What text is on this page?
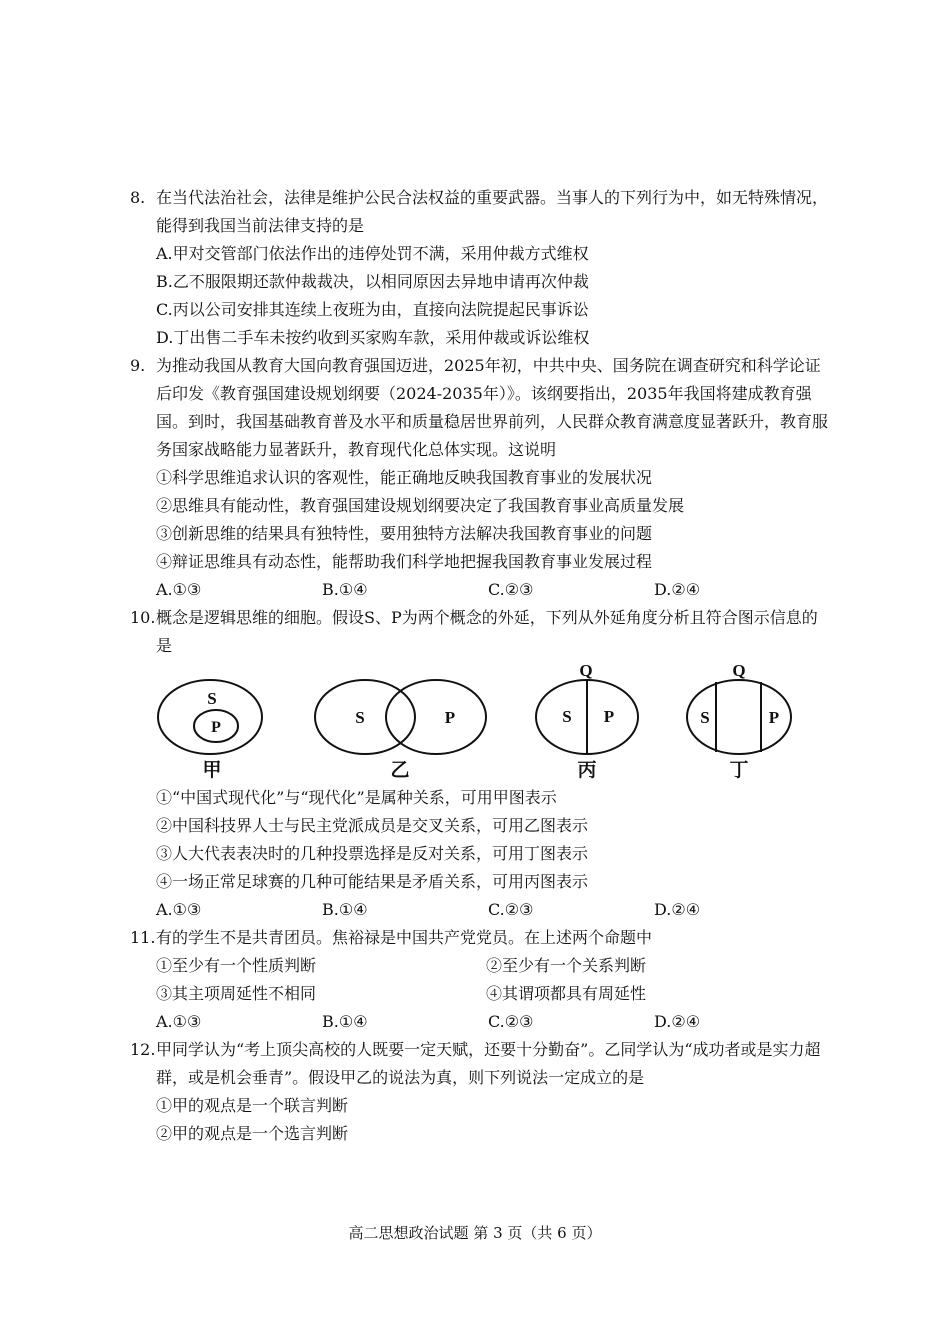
8. 在当代法治社会，法律是维护公民合法权益的重要武器。当事人的下列行为中，如无特殊情况，能得到我国当前法律支持的是
A.甲对交管部门依法作出的违停处罚不满，采用仲裁方式维权
B.乙不服限期还款仲裁裁决，以相同原因去异地申请再次仲裁
C.丙以公司安排其连续上夜班为由，直接向法院提起民事诉讼
D.丁出售二手车未按约收到买家购车款，采用仲裁或诉讼维权
9. 为推动我国从教育大国向教育强国迈进，2025年初，中共中央、国务院在调查研究和科学论证后印发《教育强国建设规划纲要（2024-2035年）》。该纲要指出，2035年我国将建成教育强国。到时，我国基础教育普及水平和质量稳居世界前列，人民群众教育满意度显著跃升，教育服务国家战略能力显著跃升，教育现代化总体实现。这说明
①科学思维追求认识的客观性，能正确地反映我国教育事业的发展状况
②思维具有能动性，教育强国建设规划纲要决定了我国教育事业高质量发展
③创新思维的结果具有独特性，要用独特方法解决我国教育事业的问题
④辩证思维具有动态性，能帮助我们科学地把握我国教育事业发展过程
A.①③	B.①④	C.②③	D.②④
10.概念是逻辑思维的细胞。假设S、P为两个概念的外延，下列从外延角度分析且符合图示信息的是
S
P
甲
S	P
乙
Q
S P
丙
Q
S	P
丁
①“中国式现代化”与“现代化”是属种关系，可用甲图表示
②中国科技界人士与民主党派成员是交叉关系，可用乙图表示
③人大代表表决时的几种投票选择是反对关系，可用丁图表示
④一场正常足球赛的几种可能结果是矛盾关系，可用丙图表示
A.①③	B.①④	C.②③	D.②④
11.有的学生不是共青团员。焦裕禄是中国共产党党员。在上述两个命题中
①至少有一个性质判断	②至少有一个关系判断
③其主项周延性不相同	④其谓项都具有周延性
A.①③	B.①④	C.②③	D.②④
12.甲同学认为“考上顶尖高校的人既要一定天赋，还要十分勤奋”。乙同学认为“成功者或是实力超群，或是机会垂青”。假设甲乙的说法为真，则下列说法一定成立的是
①甲的观点是一个联言判断
②甲的观点是一个选言判断
高二思想政治试题 第 3 页（共 6 页）
